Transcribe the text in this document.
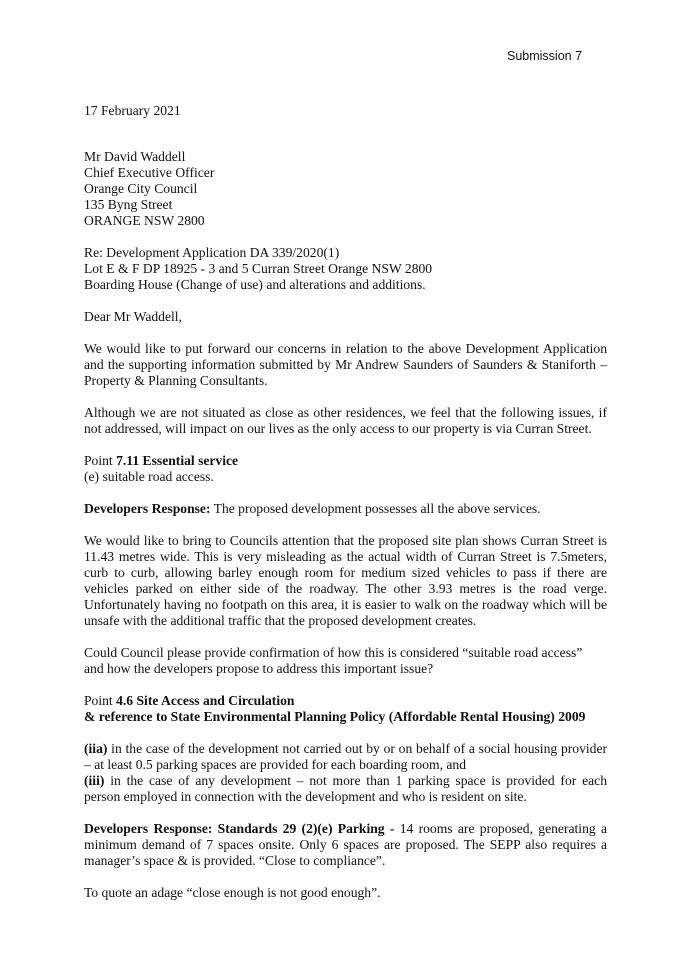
Submission 7
17 February 2021
Mr David Waddell
Chief Executive Officer
Orange City Council
135 Byng Street
ORANGE NSW 2800
Re: Development Application DA 339/2020(1)
Lot E & F DP 18925 - 3 and 5 Curran Street Orange NSW 2800
Boarding House (Change of use) and alterations and additions.
Dear Mr Waddell,
We would like to put forward our concerns in relation to the above Development Application
and the supporting information submitted by Mr Andrew Saunders of Saunders & Staniforth –
Property & Planning Consultants.
Although we are not situated as close as other residences, we feel that the following issues, if
not addressed, will impact on our lives as the only access to our property is via Curran Street.
Point 7.11 Essential service
(e) suitable road access.
Developers Response: The proposed development possesses all the above services.
We would like to bring to Councils attention that the proposed site plan shows Curran Street is
11.43 metres wide. This is very misleading as the actual width of Curran Street is 7.5meters,
curb to curb, allowing barley enough room for medium sized vehicles to pass if there are
vehicles parked on either side of the roadway. The other 3.93 metres is the road verge.
Unfortunately having no footpath on this area, it is easier to walk on the roadway which will be
unsafe with the additional traffic that the proposed development creates.
Could Council please provide confirmation of how this is considered “suitable road access”
and how the developers propose to address this important issue?
Point 4.6 Site Access and Circulation
& reference to State Environmental Planning Policy (Affordable Rental Housing) 2009
(iia) in the case of the development not carried out by or on behalf of a social housing provider
– at least 0.5 parking spaces are provided for each boarding room, and
(iii) in the case of any development – not more than 1 parking space is provided for each
person employed in connection with the development and who is resident on site.
Developers Response: Standards 29 (2)(e) Parking - 14 rooms are proposed, generating a
minimum demand of 7 spaces onsite. Only 6 spaces are proposed. The SEPP also requires a
manager’s space & is provided. “Close to compliance”.
To quote an adage “close enough is not good enough”.
